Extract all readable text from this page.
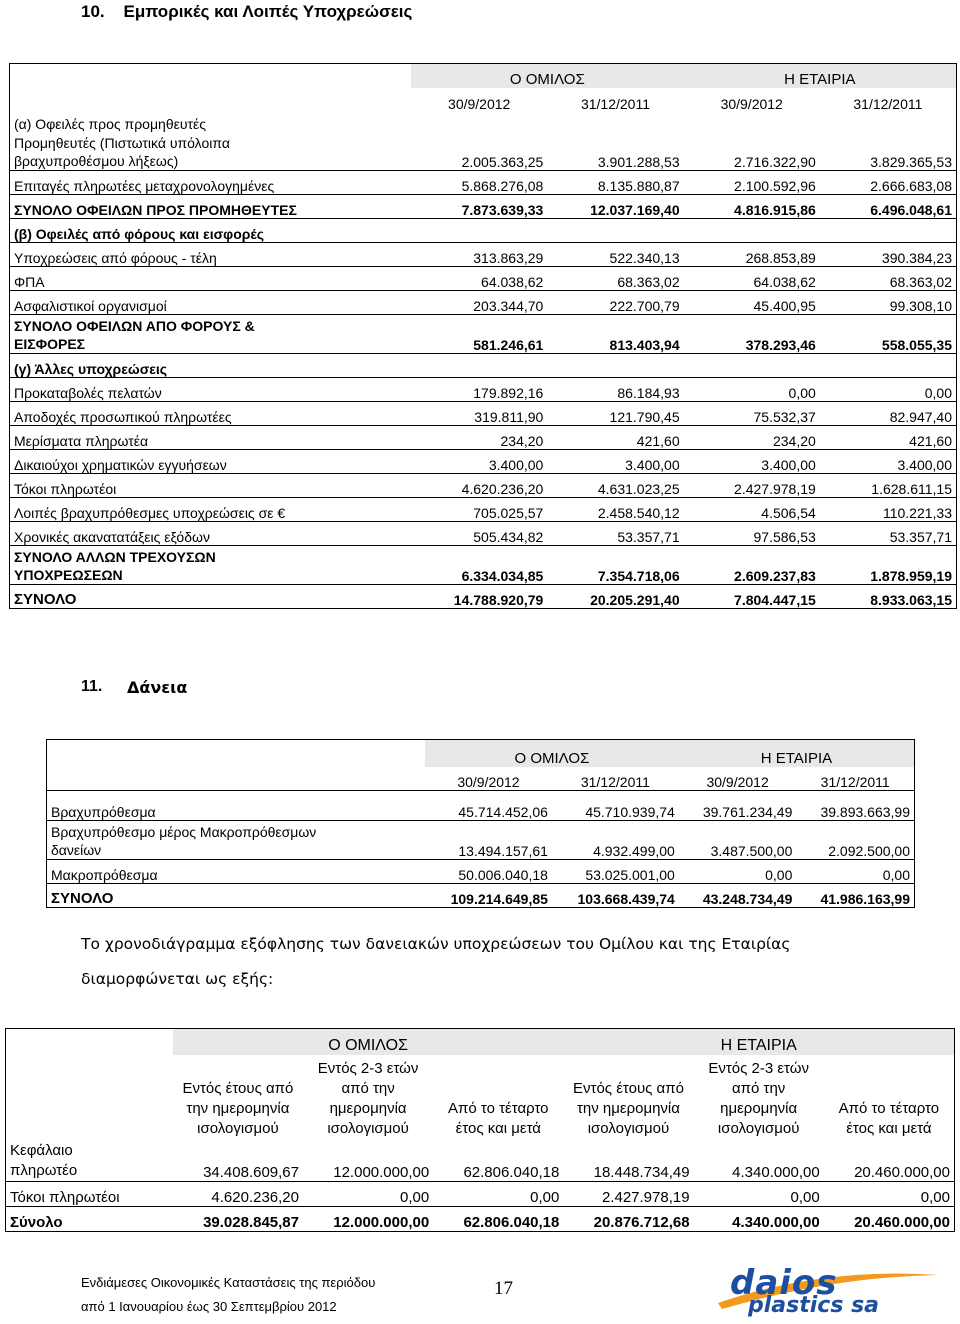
10.    Εμπορικές και Λοιπές Υποχρεώσεις
	Ο ΟΜΙΛΟΣ		Η ΕΤΑΙΡΙΑ	
	30/9/2012	31/12/2011	30/9/2012	31/12/2011
(α) Οφειλές προς προμηθευτές				
Προμηθευτές (Πιστωτικά υπόλοιπα
βραχυπροθέσμου λήξεως)	2.005.363,25	3.901.288,53	2.716.322,90	3.829.365,53
Επιταγές πληρωτέες μεταχρονολογημένες	5.868.276,08	8.135.880,87	2.100.592,96	2.666.683,08
ΣΥΝΟΛΟ ΟΦΕΙΛΩΝ ΠΡΟΣ ΠΡΟΜΗΘΕΥΤΕΣ	7.873.639,33	12.037.169,40	4.816.915,86	6.496.048,61
(β) Οφειλές από φόρους και εισφορές				
Υποχρεώσεις από φόρους - τέλη	313.863,29	522.340,13	268.853,89	390.384,23
ΦΠΑ	64.038,62	68.363,02	64.038,62	68.363,02
Ασφαλιστικοί οργανισμοί	203.344,70	222.700,79	45.400,95	99.308,10
ΣΥΝΟΛΟ ΟΦΕΙΛΩΝ ΑΠΟ ΦΟΡΟΥΣ &
ΕΙΣΦΟΡΕΣ	581.246,61	813.403,94	378.293,46	558.055,35
(γ) Άλλες υποχρεώσεις				
Προκαταβολές πελατών	179.892,16	86.184,93	0,00	0,00
Αποδοχές προσωπικού πληρωτέες	319.811,90	121.790,45	75.532,37	82.947,40
Μερίσματα πληρωτέα	234,20	421,60	234,20	421,60
Δικαιούχοι χρηματικών εγγυήσεων	3.400,00	3.400,00	3.400,00	3.400,00
Τόκοι πληρωτέοι	4.620.236,20	4.631.023,25	2.427.978,19	1.628.611,15
Λοιπές βραχυπρόθεσμες υποχρεώσεις σε €	705.025,57	2.458.540,12	4.506,54	110.221,33
Χρονικές ακανατατάξεις εξόδων	505.434,82	53.357,71	97.586,53	53.357,71
ΣΥΝΟΛΟ ΑΛΛΩΝ ΤΡΕΧΟΥΣΩΝ
ΥΠΟΧΡΕΩΣΕΩΝ	6.334.034,85	7.354.718,06	2.609.237,83	1.878.959,19
ΣΥΝΟΛΟ	14.788.920,79	20.205.291,40	7.804.447,15	8.933.063,15
11. Δάνεια
	Ο ΟΜΙΛΟΣ		Η ΕΤΑΙΡΙΑ	
	30/9/2012	31/12/2011	30/9/2012	31/12/2011

Βραχυπρόθεσμα	45.714.452,06	45.710.939,74	39.761.234,49	39.893.663,99
Βραχυπρόθεσμο μέρος Μακροπρόθεσμων
δανείων	13.494.157,61	4.932.499,00	3.487.500,00	2.092.500,00
Μακροπρόθεσμα	50.006.040,18	53.025.001,00	0,00	0,00
ΣΥΝΟΛΟ	109.214.649,85	103.668.439,74	43.248.734,49	41.986.163,99
Το χρονοδιάγραμμα εξόφλησης των δανειακών υποχρεώσεων του Ομίλου και της Εταιρίας
διαμορφώνεται ως εξής:
	Ο ΟΜΙΛΟΣ			Η ΕΤΑΙΡΙΑ		
	Εντός έτους από την ημερομηνία ισολογισμού	Εντός 2-3 ετών από την ημερομηνία ισολογισμού	Από το τέταρτο έτος και μετά	Εντός έτους από την ημερομηνία ισολογισμού	Εντός 2-3 ετών από την ημερομηνία ισολογισμού	Από το τέταρτο έτος και μετά
Κεφάλαιο
πληρωτέο	34.408.609,67	12.000.000,00	62.806.040,18	18.448.734,49	4.340.000,00	20.460.000,00
Τόκοι πληρωτέοι	4.620.236,20	0,00	0,00	2.427.978,19	0,00	0,00
Σύνολο	39.028.845,87	12.000.000,00	62.806.040,18	20.876.712,68	4.340.000,00	20.460.000,00
Ενδιάμεσες Οικονομικές Καταστάσεις της περιόδου
από 1 Ιανουαρίου έως 30 Σεπτεμβρίου 2012
17	daios
plastics sa
